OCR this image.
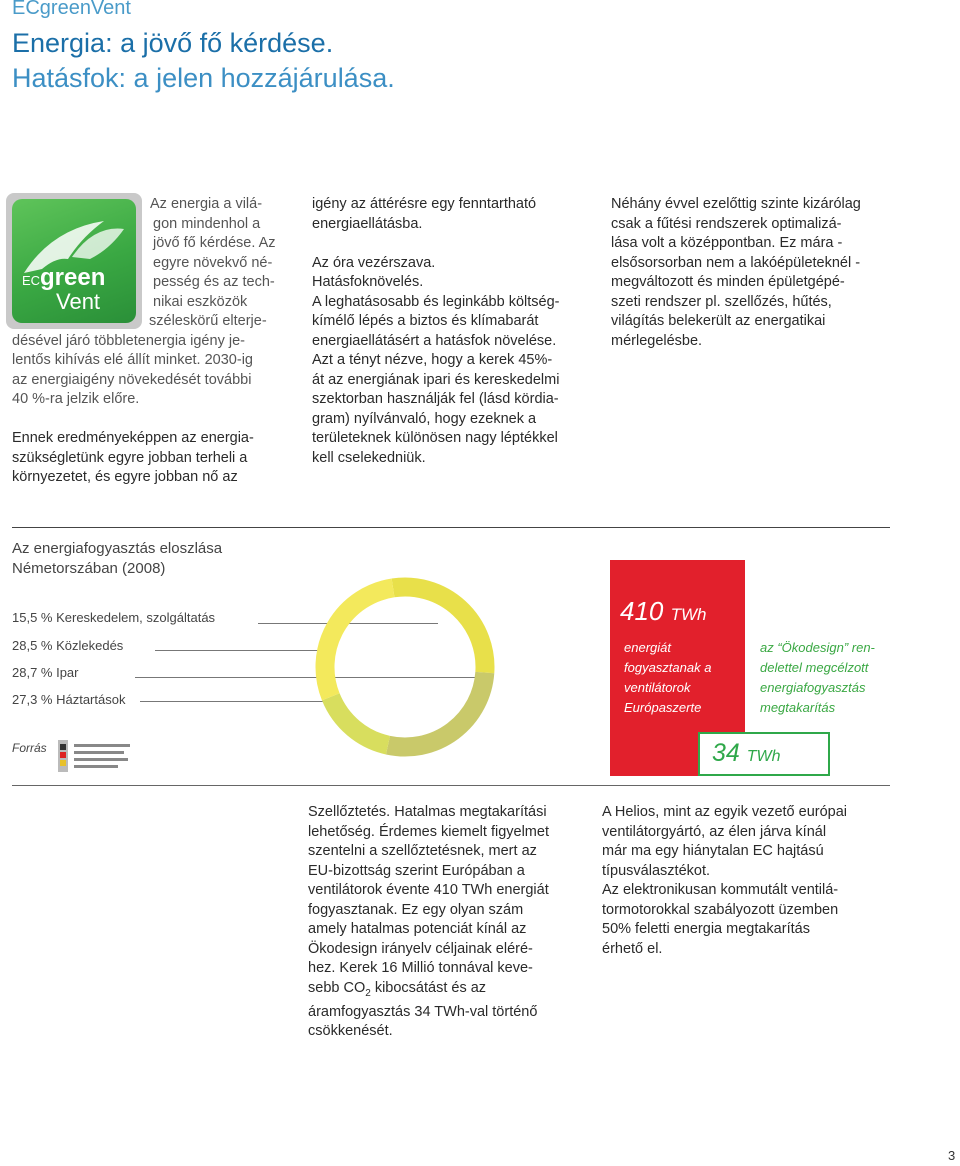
ECgreenVent
Energia: a jövő fő kérdése.
Hatásfok: a jelen hozzájárulása.
EC green
Vent
Az energia a vilá-
gon mindenhol a
jövő fő kérdése. Az
egyre növekvő né-
pesség és az tech-
nikai eszközök
széleskörű elterje-
désével járó többletenergia igény je-
lentős kihívás elé állít minket. 2030-ig
az energiaigény növekedését további
40 %-ra jelzik előre.
Ennek eredményeképpen az energia-
szükségletünk egyre jobban terheli a
környezetet, és egyre jobban nő az
igény az áttérésre egy fenntartható
energiaellátásba.
Az óra vezérszava.
Hatásfoknövelés.
A leghatásosabb és leginkább költség-
kímélő lépés a biztos és klímabarát
energiaellátásért a hatásfok növelése.
Azt a tényt nézve, hogy a kerek 45%-
át az energiának ipari és kereskedelmi
szektorban használják fel (lásd kördia-
gram) nyílvánvaló, hogy ezeknek a
területeknek különösen nagy léptékkel
kell cselekedniük.
Néhány évvel ezelőttig szinte kizárólag
csak a fűtési rendszerek optimalizá-
lása volt a középpontban. Ez mára -
elsősorsorban nem a lakóépületeknél -
megváltozott és minden épületgépé-
szeti rendszer pl. szellőzés, hűtés,
világítás belekerült az energatikai
mérlegelésbe.
Az energiafogyasztás eloszlása
Németorszában (2008)
15,5 % Kereskedelem, szolgáltatás
28,5 % Közlekedés
28,7 % Ipar
27,3 % Háztartások
Forrás
410 TWh
energiát
fogyasztanak a
ventilátorok
Európaszerte
az “Ökodesign” ren-
delettel megcélzott
energiafogyasztás
megtakarítás
34 TWh
Szellőztetés. Hatalmas megtakarítási
lehetőség. Érdemes kiemelt figyelmet
szentelni a szellőztetésnek, mert az
EU-bizottság szerint Európában a
ventilátorok évente 410 TWh energiát
fogyasztanak. Ez egy olyan szám
amely hatalmas potenciát kínál az
Ökodesign irányelv céljainak eléré-
hez. Kerek 16 Millió tonnával keve-
sebb $CO_2$ kibocsátást és az
áramfogyasztás 34 TWh-val történő
csökkenését.
A Helios, mint az egyik vezető európai
ventilátorgyártó, az élen járva kínál
már ma egy hiánytalan EC hajtású
típusválasztékot.
Az elektronikusan kommutált ventilá-
tormotorokkal szabályozott üzemben
50% feletti energia megtakarítás
érhető el.
3
